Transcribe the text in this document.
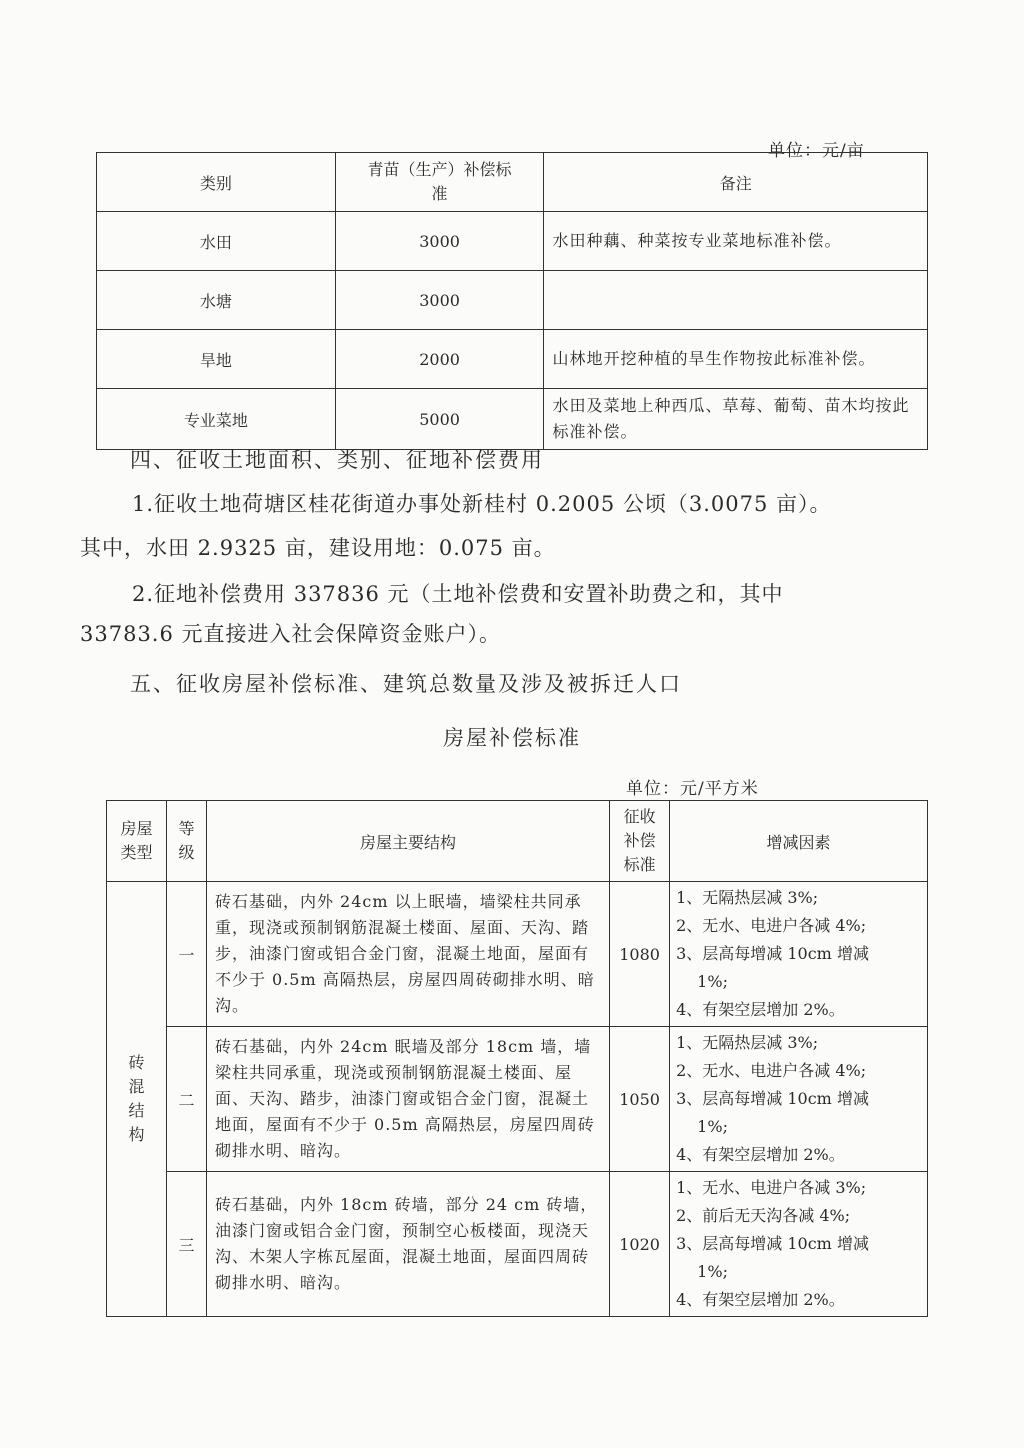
单位：元/亩
类别	青苗（生产）补偿标准	备注
水田	3000	水田种藕、种菜按专业菜地标准补偿。
水塘	3000	
旱地	2000	山林地开挖种植的旱生作物按此标准补偿。
专业菜地	5000	水田及菜地上种西瓜、草莓、葡萄、苗木均按此标准补偿。
四、征收土地面积、类别、征地补偿费用
1.征收土地荷塘区桂花街道办事处新桂村 0.2005 公顷（3.0075 亩）。
其中，水田 2.9325 亩，建设用地：0.075 亩。
2.征地补偿费用 337836 元（土地补偿费和安置补助费之和，其中
33783.6 元直接进入社会保障资金账户）。
五、征收房屋补偿标准、建筑总数量及涉及被拆迁人口
房屋补偿标准
单位：元/平方米
房屋类型	等级	房屋主要结构	征收补偿标准	增减因素
砖混结构	一	砖石基础，内外 24cm 以上眠墙，墙梁柱共同承重，现浇或预制钢筋混凝土楼面、屋面、天沟、踏步，油漆门窗或铝合金门窗，混凝土地面，屋面有不少于 0.5m 高隔热层，房屋四周砖砌排水明、暗沟。	1080	1、无隔热层减 3%;
2、无水、电进户各减 4%;
3、层高每增减 10cm 增减
　 1%;
4、有架空层增加 2%。

	二	砖石基础，内外 24cm 眠墙及部分 18cm 墙，墙梁柱共同承重，现浇或预制钢筋混凝土楼面、屋面、天沟、踏步，油漆门窗或铝合金门窗，混凝土地面，屋面有不少于 0.5m 高隔热层，房屋四周砖砌排水明、暗沟。	1050	1、无隔热层减 3%;
2、无水、电进户各减 4%;
3、层高每增减 10cm 增减
　 1%;
4、有架空层增加 2%。

	三	砖石基础，内外 18cm 砖墙，部分 24 cm 砖墙，油漆门窗或铝合金门窗，预制空心板楼面，现浇天沟、木架人字栋瓦屋面，混凝土地面，屋面四周砖砌排水明、暗沟。	1020	1、无水、电进户各减 3%;
2、前后无天沟各减 4%;
3、层高每增减 10cm 增减
　 1%;
4、有架空层增加 2%。
